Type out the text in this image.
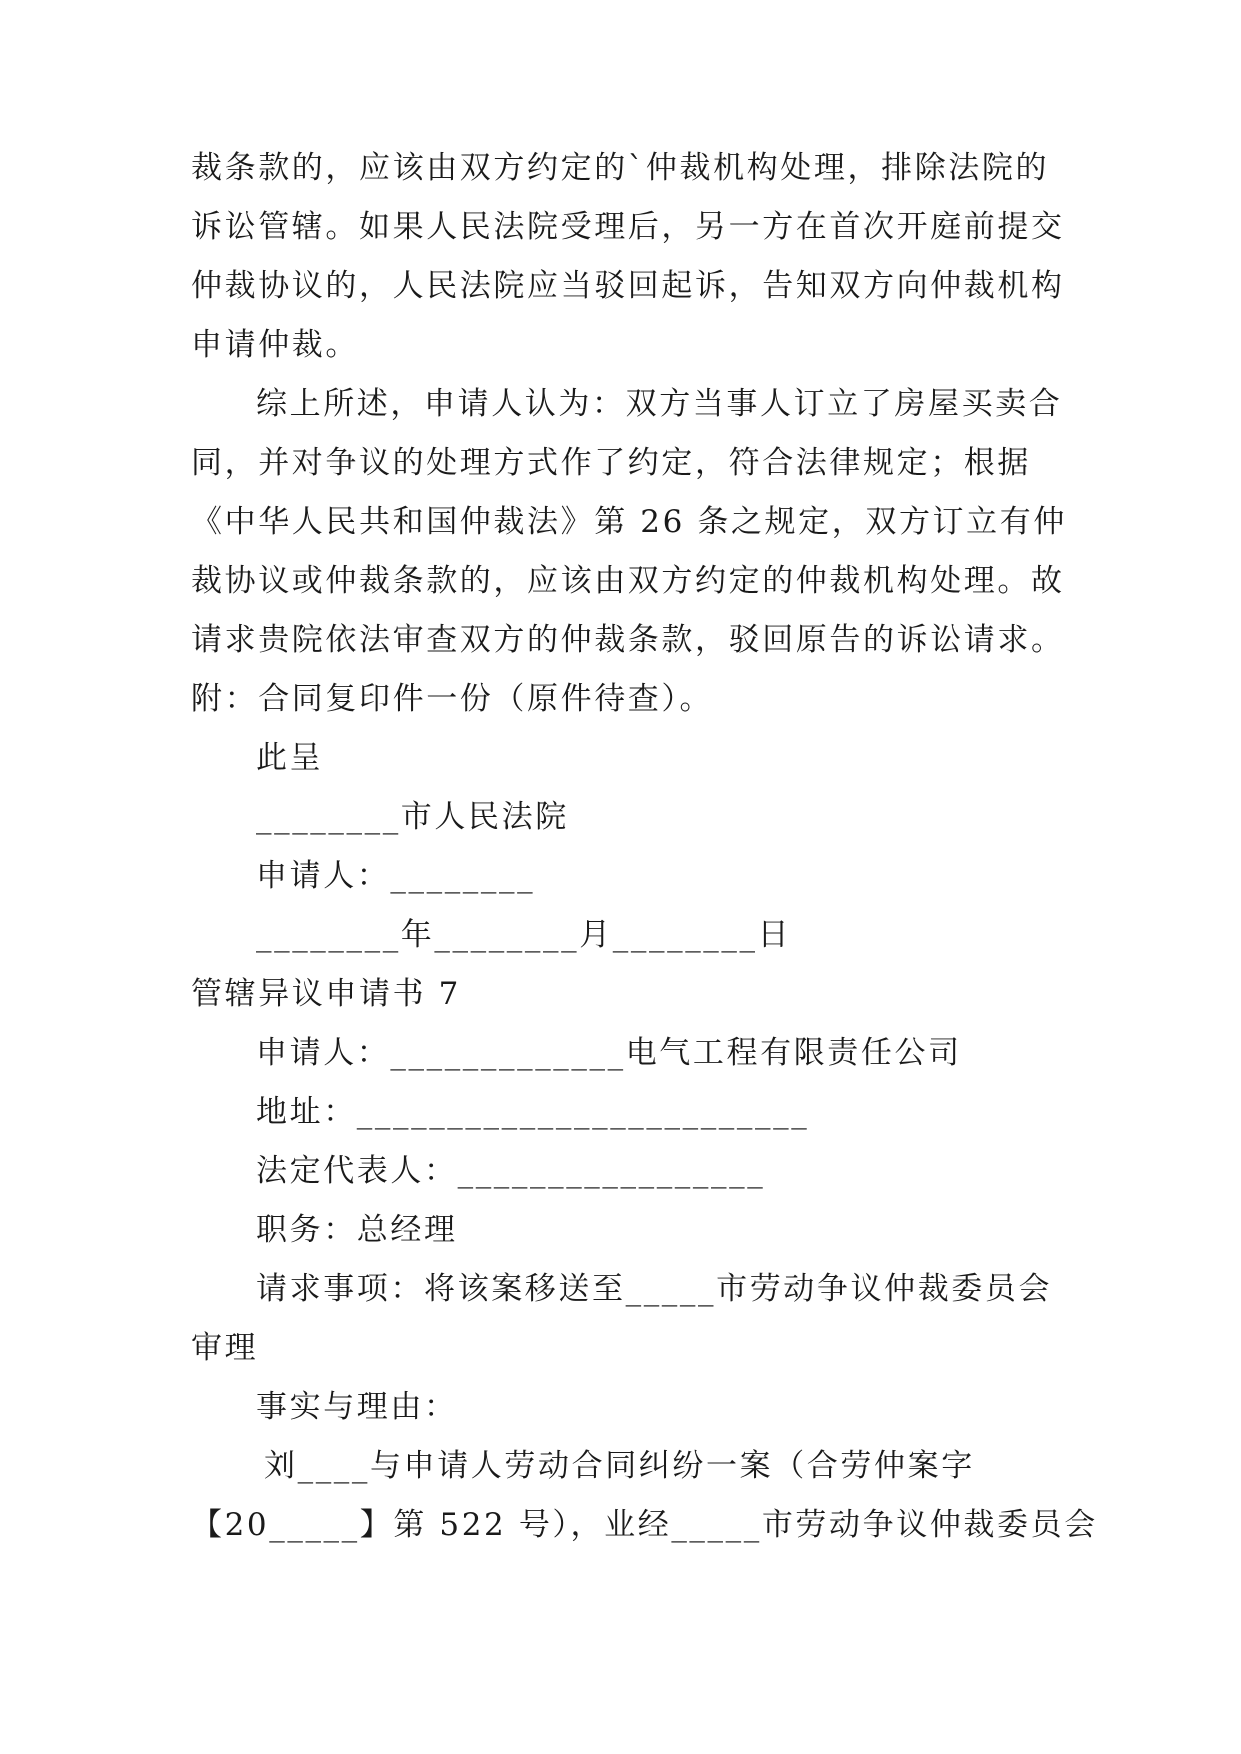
裁条款的，应该由双方约定的`仲裁机构处理，排除法院的
诉讼管辖。如果人民法院受理后，另一方在首次开庭前提交
仲裁协议的，人民法院应当驳回起诉，告知双方向仲裁机构
申请仲裁。
综上所述，申请人认为：双方当事人订立了房屋买卖合
同，并对争议的处理方式作了约定，符合法律规定；根据
《中华人民共和国仲裁法》第 26 条之规定，双方订立有仲
裁协议或仲裁条款的，应该由双方约定的仲裁机构处理。故
请求贵院依法审查双方的仲裁条款，驳回原告的诉讼请求。
附：合同复印件一份（原件待查）。
此呈
________市人民法院
申请人：________
________年________月________日
管辖异议申请书 7
申请人：_____________电气工程有限责任公司
地址：_________________________
法定代表人：_________________
职务：总经理
请求事项：将该案移送至_____市劳动争议仲裁委员会
审理
事实与理由：
刘____与申请人劳动合同纠纷一案（合劳仲案字
【20_____】第 522 号），业经_____市劳动争议仲裁委员会
